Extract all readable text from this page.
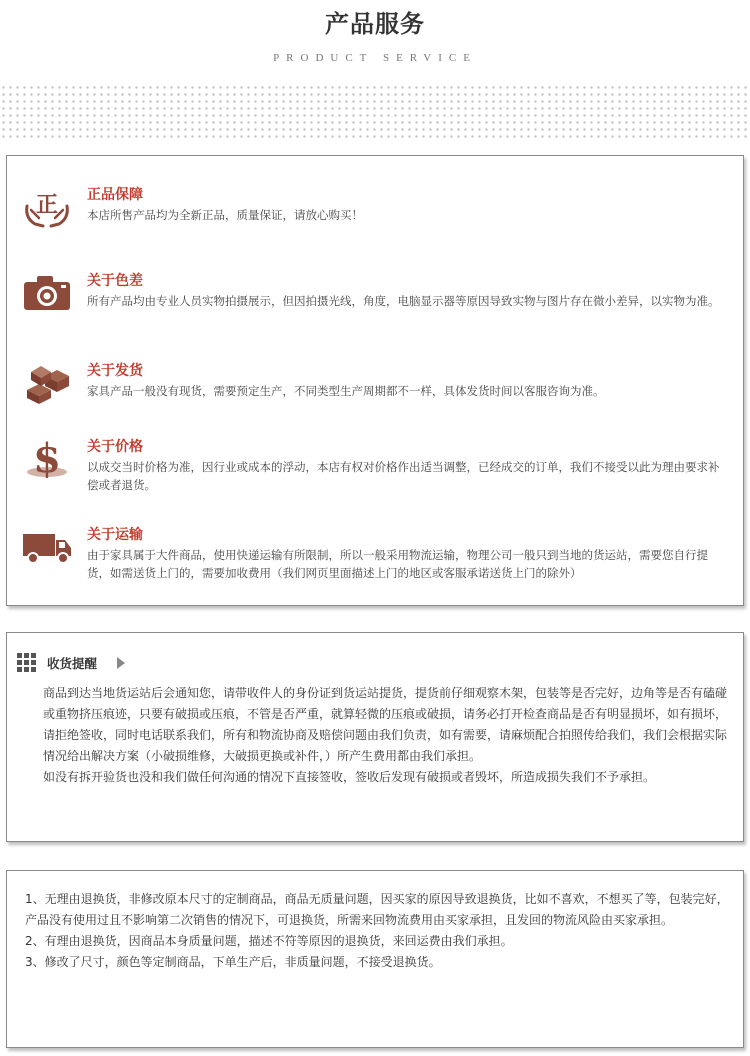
产品服务
PRODUCT SERVICE
正 正品保障
本店所售产品均为全新正品，质量保证，请放心购买！
关于色差
所有产品均由专业人员实物拍摄展示，但因拍摄光线，角度，电脑显示器等原因导致实物与图片存在微小差异，以实物为准。
关于发货
家具产品一般没有现货，需要预定生产，不同类型生产周期都不一样，具体发货时间以客服咨询为准。
$ 关于价格
以成交当时价格为准，因行业或成本的浮动，本店有权对价格作出适当调整，已经成交的订单，我们不接受以此为理由要求补偿或者退货。
关于运输
由于家具属于大件商品，使用快递运输有所限制，所以一般采用物流运输，物理公司一般只到当地的货运站，需要您自行提货，如需送货上门的，需要加收费用（我们网页里面描述上门的地区或客服承诺送货上门的除外）
收货提醒

商品到达当地货运站后会通知您，请带收件人的身份证到货运站提货，提货前仔细观察木架，包装等是否完好，边角等是否有磕碰或重物挤压痕迹，只要有破损或压痕，不管是否严重，就算轻微的压痕或破损，请务必打开检查商品是否有明显损坏，如有损坏，请拒绝签收，同时电话联系我们，所有和物流协商及赔偿问题由我们负责，如有需要，请麻烦配合拍照传给我们，我们会根据实际情况给出解决方案（小破损维修，大破损更换或补件，）所产生费用都由我们承担。

如没有拆开验货也没和我们做任何沟通的情况下直接签收，签收后发现有破损或者毁坏，所造成损失我们不予承担。

1、无理由退换货，非修改原本尺寸的定制商品，商品无质量问题，因买家的原因导致退换货，比如不喜欢，不想买了等，包装完好，产品没有使用过且不影响第二次销售的情况下，可退换货，所需来回物流费用由买家承担，且发回的物流风险由买家承担。

2、有理由退换货，因商品本身质量问题，描述不符等原因的退换货，来回运费由我们承担。

3、修改了尺寸，颜色等定制商品，下单生产后，非质量问题，不接受退换货。
